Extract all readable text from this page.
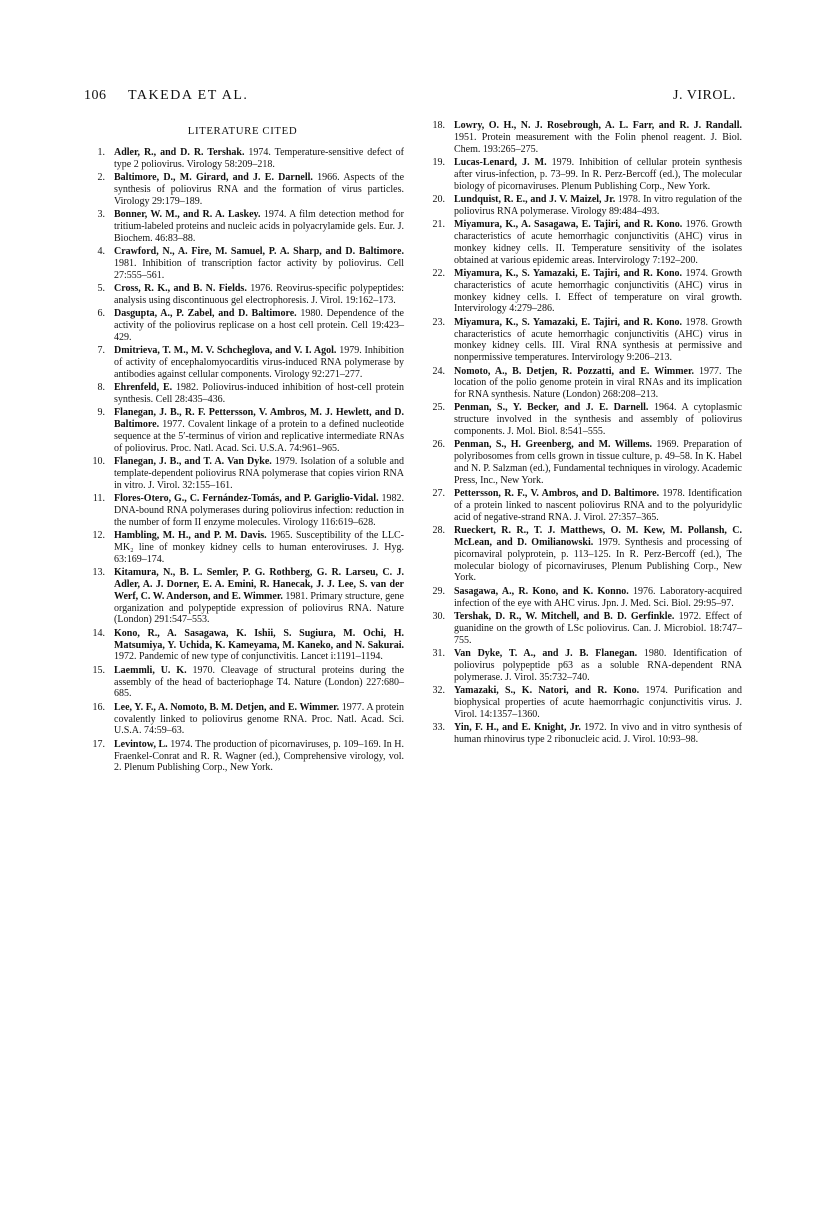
106 TAKEDA ET AL.	J. VIROL.
LITERATURE CITED
1. Adler, R., and D. R. Tershak. 1974. Temperature-sensitive defect of type 2 poliovirus. Virology 58:209–218.
2. Baltimore, D., M. Girard, and J. E. Darnell. 1966. Aspects of the synthesis of poliovirus RNA and the formation of virus particles. Virology 29:179–189.
3. Bonner, W. M., and R. A. Laskey. 1974. A film detection method for tritium-labeled proteins and nucleic acids in polyacrylamide gels. Eur. J. Biochem. 46:83–88.
4. Crawford, N., A. Fire, M. Samuel, P. A. Sharp, and D. Baltimore. 1981. Inhibition of transcription factor activity by poliovirus. Cell 27:555–561.
5. Cross, R. K., and B. N. Fields. 1976. Reovirus-specific polypeptides: analysis using discontinuous gel electrophoresis. J. Virol. 19:162–173.
6. Dasgupta, A., P. Zabel, and D. Baltimore. 1980. Dependence of the activity of the poliovirus replicase on a host cell protein. Cell 19:423–429.
7. Dmitrieva, T. M., M. V. Schcheglova, and V. I. Agol. 1979. Inhibition of activity of encephalomyocarditis virus-induced RNA polymerase by antibodies against cellular components. Virology 92:271–277.
8. Ehrenfeld, E. 1982. Poliovirus-induced inhibition of host-cell protein synthesis. Cell 28:435–436.
9. Flanegan, J. B., R. F. Pettersson, V. Ambros, M. J. Hewlett, and D. Baltimore. 1977. Covalent linkage of a protein to a defined nucleotide sequence at the 5′-terminus of virion and replicative intermediate RNAs of poliovirus. Proc. Natl. Acad. Sci. U.S.A. 74:961–965.
10. Flanegan, J. B., and T. A. Van Dyke. 1979. Isolation of a soluble and template-dependent poliovirus RNA polymerase that copies virion RNA in vitro. J. Virol. 32:155–161.
11. Flores-Otero, G., C. Fernández-Tomás, and P. Gariglio-Vidal. 1982. DNA-bound RNA polymerases during poliovirus infection: reduction in the number of form II enzyme molecules. Virology 116:619–628.
12. Hambling, M. H., and P. M. Davis. 1965. Susceptibility of the LLC-MK₂ line of monkey kidney cells to human enteroviruses. J. Hyg. 63:169–174.
13. Kitamura, N., B. L. Semler, P. G. Rothberg, G. R. Larseu, C. J. Adler, A. J. Dorner, E. A. Emini, R. Hanecak, J. J. Lee, S. van der Werf, C. W. Anderson, and E. Wimmer. 1981. Primary structure, gene organization and polypeptide expression of poliovirus RNA. Nature (London) 291:547–553.
14. Kono, R., A. Sasagawa, K. Ishii, S. Sugiura, M. Ochi, H. Matsumiya, Y. Uchida, K. Kameyama, M. Kaneko, and N. Sakurai. 1972. Pandemic of new type of conjunctivitis. Lancet i:1191–1194.
15. Laemmli, U. K. 1970. Cleavage of structural proteins during the assembly of the head of bacteriophage T4. Nature (London) 227:680–685.
16. Lee, Y. F., A. Nomoto, B. M. Detjen, and E. Wimmer. 1977. A protein covalently linked to poliovirus genome RNA. Proc. Natl. Acad. Sci. U.S.A. 74:59–63.
17. Levintow, L. 1974. The production of picornaviruses, p. 109–169. In H. Fraenkel-Conrat and R. R. Wagner (ed.), Comprehensive virology, vol. 2. Plenum Publishing Corp., New York.
18. Lowry, O. H., N. J. Rosebrough, A. L. Farr, and R. J. Randall. 1951. Protein measurement with the Folin phenol reagent. J. Biol. Chem. 193:265–275.
19. Lucas-Lenard, J. M. 1979. Inhibition of cellular protein synthesis after virus-infection, p. 73–99. In R. Perz-Bercoff (ed.), The molecular biology of picornaviruses. Plenum Publishing Corp., New York.
20. Lundquist, R. E., and J. V. Maizel, Jr. 1978. In vitro regulation of the poliovirus RNA polymerase. Virology 89:484–493.
21. Miyamura, K., A. Sasagawa, E. Tajiri, and R. Kono. 1976. Growth characteristics of acute hemorrhagic conjunctivitis (AHC) virus in monkey kidney cells. II. Temperature sensitivity of the isolates obtained at various epidemic areas. Intervirology 7:192–200.
22. Miyamura, K., S. Yamazaki, E. Tajiri, and R. Kono. 1974. Growth characteristics of acute hemorrhagic conjunctivitis (AHC) virus in monkey kidney cells. I. Effect of temperature on viral growth. Intervirology 4:279–286.
23. Miyamura, K., S. Yamazaki, E. Tajiri, and R. Kono. 1978. Growth characteristics of acute hemorrhagic conjunctivitis (AHC) virus in monkey kidney cells. III. Viral RNA synthesis at permissive and nonpermissive temperatures. Intervirology 9:206–213.
24. Nomoto, A., B. Detjen, R. Pozzatti, and E. Wimmer. 1977. The location of the polio genome protein in viral RNAs and its implication for RNA synthesis. Nature (London) 268:208–213.
25. Penman, S., Y. Becker, and J. E. Darnell. 1964. A cytoplasmic structure involved in the synthesis and assembly of poliovirus components. J. Mol. Biol. 8:541–555.
26. Penman, S., H. Greenberg, and M. Willems. 1969. Preparation of polyribosomes from cells grown in tissue culture, p. 49–58. In K. Habel and N. P. Salzman (ed.), Fundamental techniques in virology. Academic Press, Inc., New York.
27. Pettersson, R. F., V. Ambros, and D. Baltimore. 1978. Identification of a protein linked to nascent poliovirus RNA and to the polyuridylic acid of negative-strand RNA. J. Virol. 27:357–365.
28. Rueckert, R. R., T. J. Matthews, O. M. Kew, M. Pollansh, C. McLean, and D. Omilianowski. 1979. Synthesis and processing of picornaviral polyprotein, p. 113–125. In R. Perz-Bercoff (ed.), The molecular biology of picornaviruses, Plenum Publishing Corp., New York.
29. Sasagawa, A., R. Kono, and K. Konno. 1976. Laboratory-acquired infection of the eye with AHC virus. Jpn. J. Med. Sci. Biol. 29:95–97.
30. Tershak, D. R., W. Mitchell, and B. D. Gerfinkle. 1972. Effect of guanidine on the growth of LSc poliovirus. Can. J. Microbiol. 18:747–755.
31. Van Dyke, T. A., and J. B. Flanegan. 1980. Identification of poliovirus polypeptide p63 as a soluble RNA-dependent RNA polymerase. J. Virol. 35:732–740.
32. Yamazaki, S., K. Natori, and R. Kono. 1974. Purification and biophysical properties of acute haemorrhagic conjunctivitis virus. J. Virol. 14:1357–1360.
33. Yin, F. H., and E. Knight, Jr. 1972. In vivo and in vitro synthesis of human rhinovirus type 2 ribonucleic acid. J. Virol. 10:93–98.
